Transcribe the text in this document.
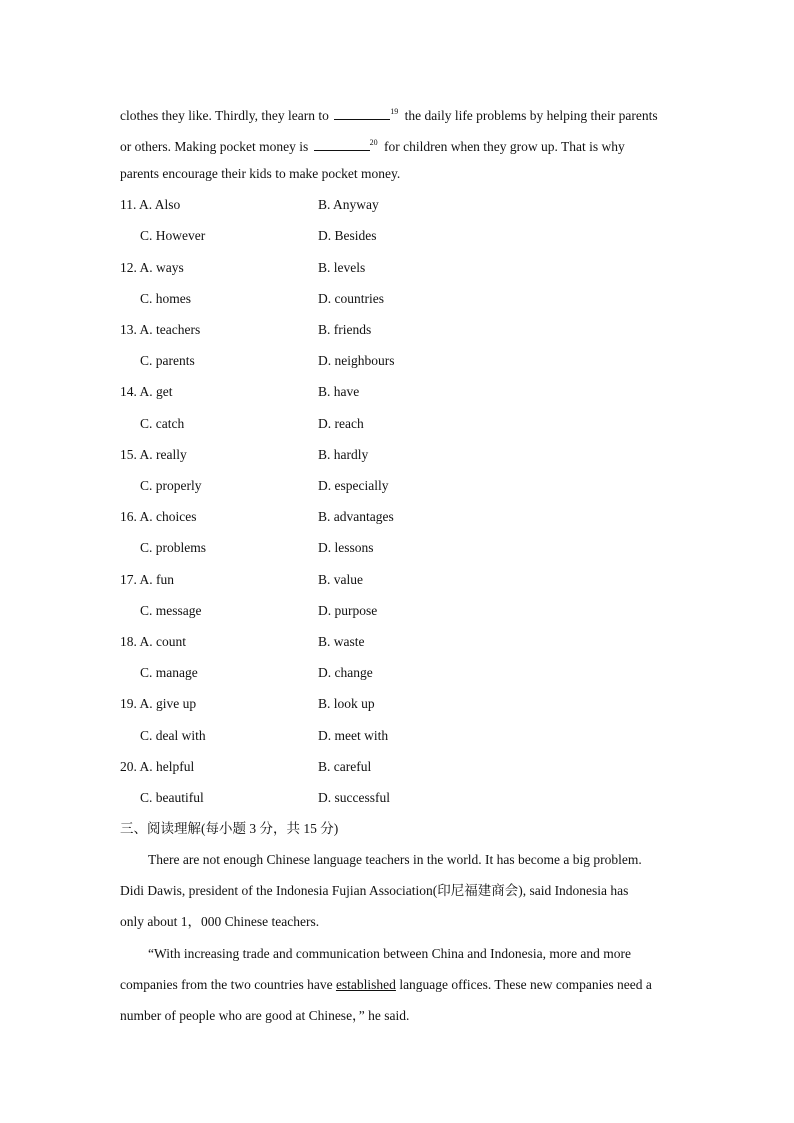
clothes they like. Thirdly, they learn to	$^{19}$ the daily life problems by helping their parents
or others. Making pocket money is	$^{20}$ for children when they grow up. That is why
parents encourage their kids to make pocket money.
11. A. Also	B. Anyway
C. However	D. Besides
12. A. ways	B. levels
C. homes	D. countries
13. A. teachers	B. friends
C. parents	D. neighbours
14. A. get	B. have
C. catch	D. reach
15. A. really	B. hardly
C. properly	D. especially
16. A. choices	B. advantages
C. problems	D. lessons
17. A. fun	B. value
C. message	D. purpose
18. A. count	B. waste
C. manage	D. change
19. A. give up	B. look up
C. deal with	D. meet with
20. A. helpful	B. careful
C. beautiful	D. successful
三、阅读理解(每小题 3 分，共 15 分)
There are not enough Chinese language teachers in the world. It has become a big problem.
Didi Dawis, president of the Indonesia Fujian Association(印尼福建商会), said Indonesia has
only about 1，000 Chinese teachers.
“With increasing trade and communication between China and Indonesia, more and more
companies from the two countries have established language offices. These new companies need a
number of people who are good at Chinese，” he said.
